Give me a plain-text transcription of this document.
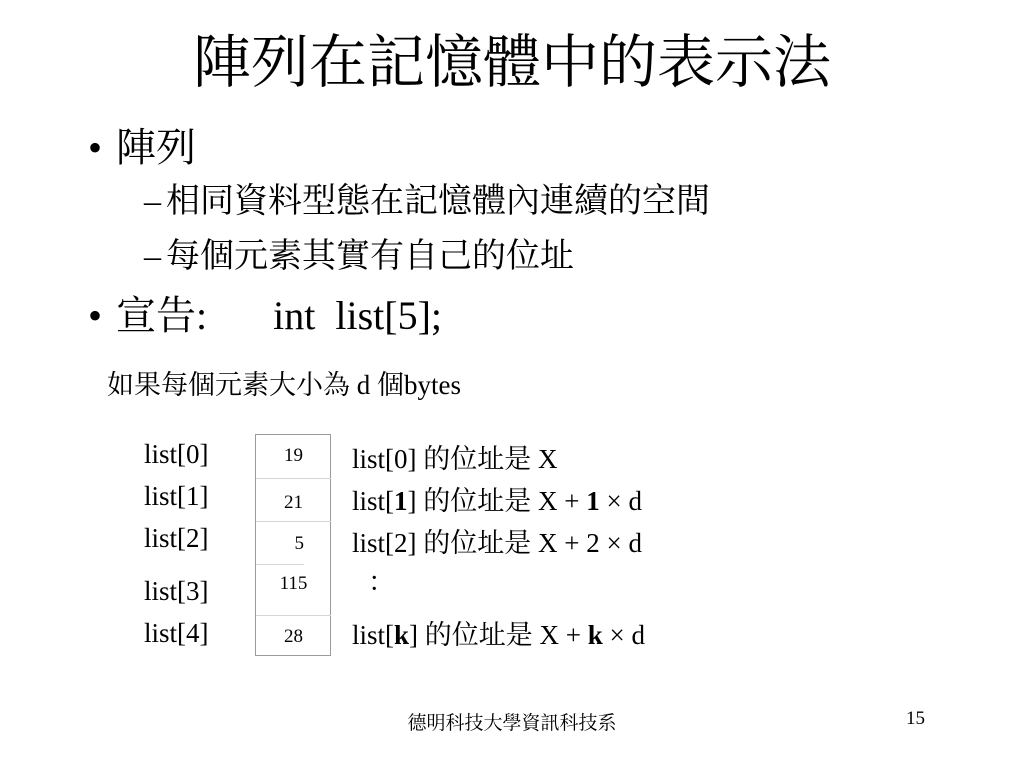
陣列在記憶體中的表示法
• 陣列
– 相同資料型態在記憶體內連續的空間
– 每個元素其實有自己的位址
• 宣告: int  list[5];
如果每個元素大小為 d 個bytes
list[0]
list[1]
list[2]
list[3]
list[4]
19
21
5
115
28
list[0] 的位址是 X
list[1] 的位址是 X + 1 × d
list[2] 的位址是 X + 2 × d
：
list[k] 的位址是 X + k × d
德明科技大學資訊科技系	15
